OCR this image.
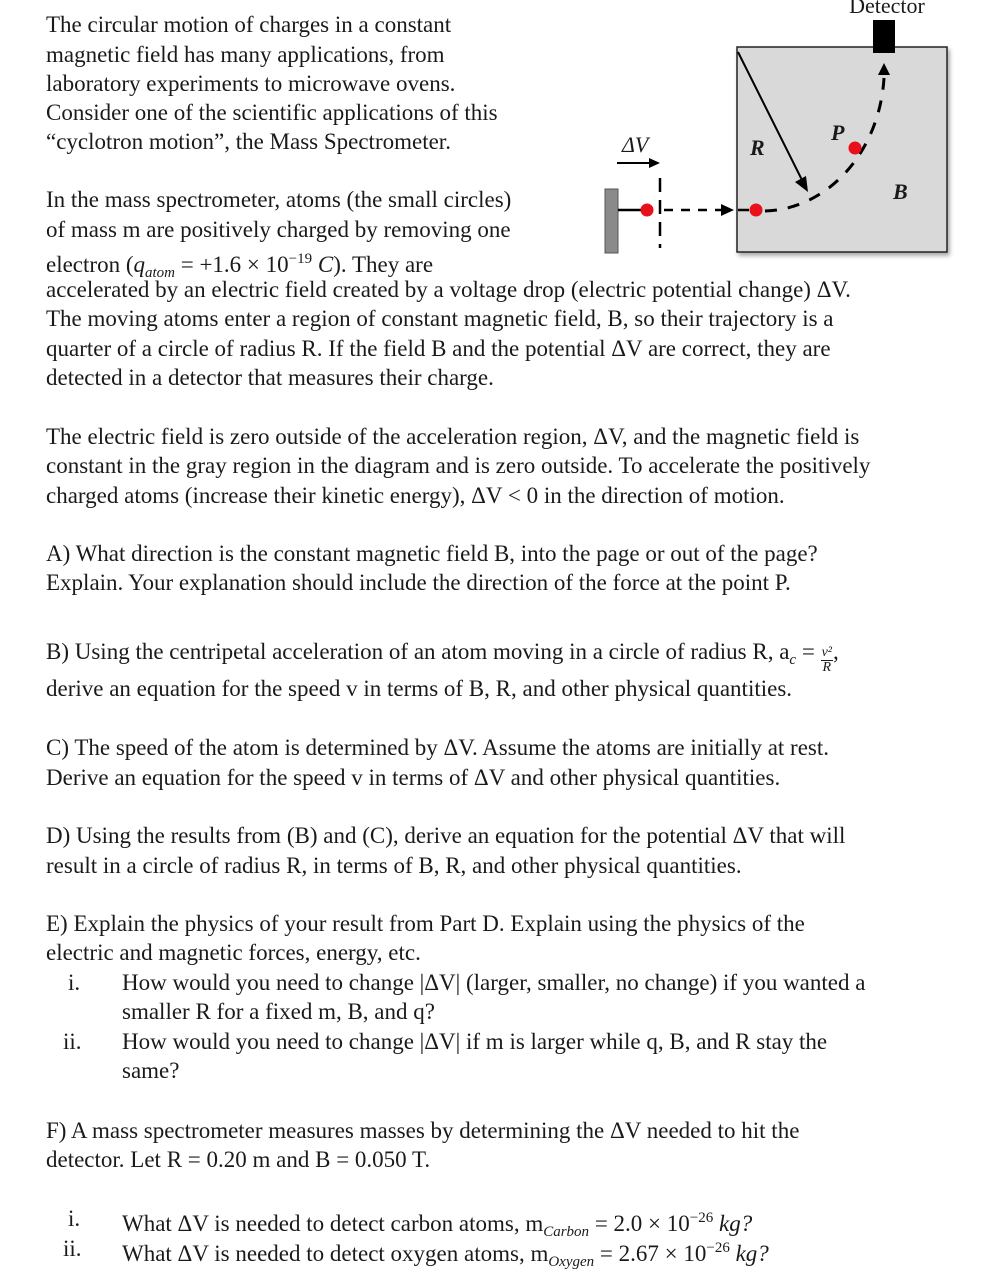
The circular motion of charges in a constant
magnetic field has many applications, from
laboratory experiments to microwave ovens.
Consider one of the scientific applications of this
“cyclotron motion”, the Mass Spectrometer.
Detector
R
P
B
ΔV
In the mass spectrometer, atoms (the small circles)
of mass m are positively charged by removing one
electron ($q_{atom} = +1.6 \times 10^{-19}$ C). They are
accelerated by an electric field created by a voltage drop (electric potential change) ΔV.
The moving atoms enter a region of constant magnetic field, B, so their trajectory is a
quarter of a circle of radius R. If the field B and the potential ΔV are correct, they are
detected in a detector that measures their charge.
The electric field is zero outside of the acceleration region, ΔV, and the magnetic field is
constant in the gray region in the diagram and is zero outside. To accelerate the positively
charged atoms (increase their kinetic energy), ΔV < 0 in the direction of motion.
A) What direction is the constant magnetic field B, into the page or out of the page?
Explain. Your explanation should include the direction of the force at the point P.
B) Using the centripetal acceleration of an atom moving in a circle of radius R, $a_c = \frac{\text{v²}}{R}$ ,
derive an equation for the speed v in terms of B, R, and other physical quantities.
C) The speed of the atom is determined by ΔV. Assume the atoms are initially at rest.
Derive an equation for the speed v in terms of ΔV and other physical quantities.
D) Using the results from (B) and (C), derive an equation for the potential ΔV that will
result in a circle of radius R, in terms of B, R, and other physical quantities.
E) Explain the physics of your result from Part D. Explain using the physics of the
electric and magnetic forces, energy, etc.
i. How would you need to change |ΔV| (larger, smaller, no change) if you wanted a
smaller R for a fixed m, B, and q?
ii. How would you need to change |ΔV| if m is larger while q, B, and R stay the
same?
F) A mass spectrometer measures masses by determining the ΔV needed to hit the
detector. Let R = 0.20 m and B = 0.050 T.
i. What ΔV is needed to detect carbon atoms, $m_{Carbon} = 2.0 \times 10^{-26}$ kg?
ii. What ΔV is needed to detect oxygen atoms, $m_{Oxygen} = 2.67 \times 10^{-26}$ kg?
